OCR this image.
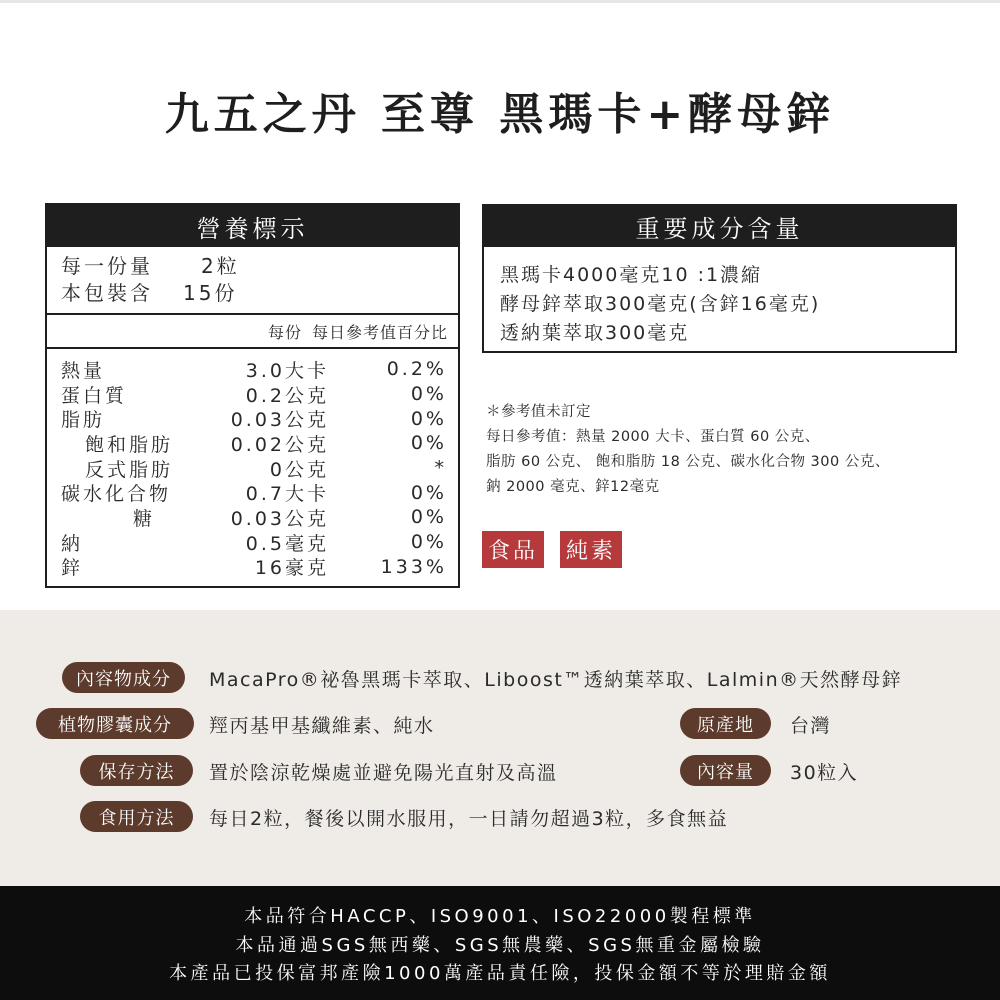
九五之丹 至尊 黑瑪卡+酵母鋅
營養標示
每一份量	2粒
本包裝含	15份
每份 每日參考值百分比
熱量	3.0大卡	0.2%
蛋白質	0.2公克	0%
脂肪	0.03公克	0%
飽和脂肪	0.02公克	0%
反式脂肪	0公克	*
碳水化合物	0.7大卡	0%
糖	0.03公克	0%
納	0.5毫克	0%
鋅	16豪克	133%
重要成分含量
黑瑪卡4000毫克10 :1濃縮
酵母鋅萃取300毫克(含鋅16毫克)
透納葉萃取300毫克
＊參考值未訂定
每日參考值：熱量 2000 大卡、蛋白質 60 公克、
脂肪 60 公克、 飽和脂肪 18 公克、碳水化合物 300 公克、
鈉 2000 毫克、鋅12毫克
食品 純素
內容物成分	MacaPro®祕魯黑瑪卡萃取、Liboost™透納葉萃取、Lalmin®天然酵母鋅
植物膠囊成分	羥丙基甲基纖維素、純水	原產地	台灣
保存方法	置於陰涼乾燥處並避免陽光直射及高溫	內容量	30粒入
食用方法	每日2粒，餐後以開水服用，一日請勿超過3粒，多食無益
本品符合HACCP、ISO9001、ISO22000製程標準
本品通過SGS無西藥、SGS無農藥、SGS無重金屬檢驗
本產品已投保富邦產險1000萬產品責任險，投保金額不等於理賠金額
